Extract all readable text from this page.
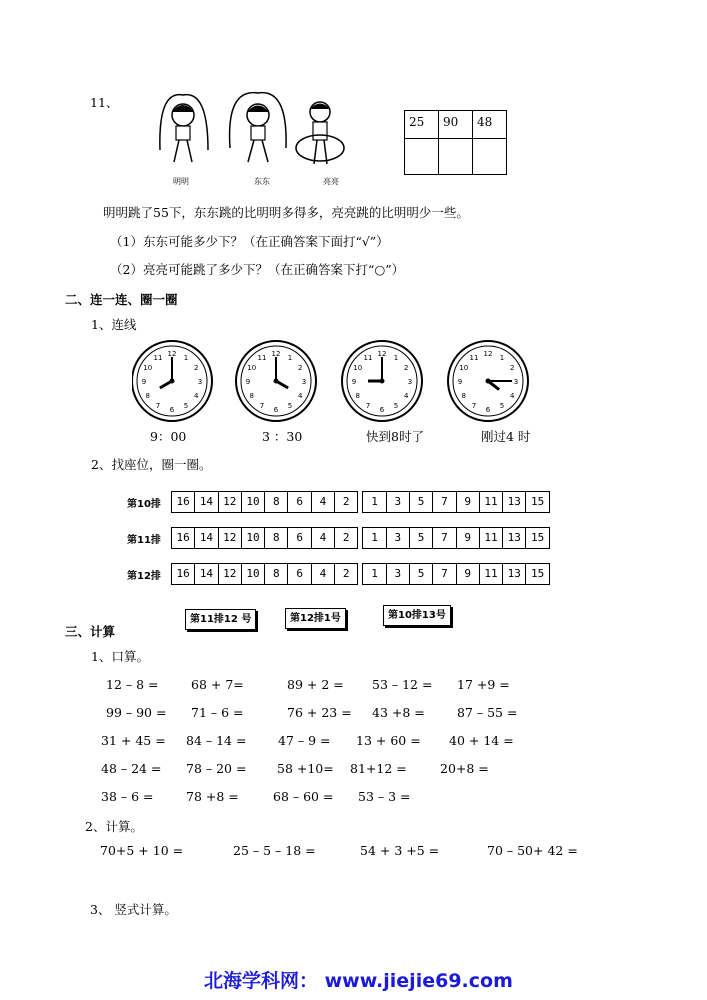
11、
明明	东东	亮亮
25	90	48

明明跳了55下，东东跳的比明明多得多，亮亮跳的比明明少一些。
（1）东东可能多少下？（在正确答案下面打“√”）
（2）亮亮可能跳了多少下？（在正确答案下打“○”）
二、连一连、圈一圈
1、连线
1
2
3
4
5
6
7
8
9
10
11 12	1
2
3
4
5
6
7
8
9
10
11 12	1
2
3
4
5
6
7
8
9
10
11 12	1
2
3
4
5
6
7
8
9
10
11 12
9：00	3 ：30	快到8时了	刚过4 时
2、找座位，圈一圈。
第10排	16 14 12 10	8	6	4	2	1	3	5	7	9	11 13 15
第11排	16 14 12 10	8	6	4	2	1	3	5	7	9	11 13 15
第12排	16 14 12 10	8	6	4	2	1	3	5	7	9	11 13 15
第11排12 号	第12排1号	第10排13号
三、计算
1、口算。
12 – 8 =	68 + 7=	89 + 2 = 53 – 12 = 17 +9 =
99 – 90 = 71 – 6 =	76 + 23 = 43 +8 =	87 – 55 =
31 + 45 = 84 – 14 =	47 – 9 = 13 + 60 = 40 + 14 =
48 – 24 = 78 – 20 = 58 +10= 81+12 =	20+8 =
38 – 6 =	78 +8 =	68 – 60 = 53 – 3 =
2、计算。
70+5 + 10 =	25 – 5 – 18 =	54 + 3 +5 =	70 – 50+ 42 =
3、 竖式计算。
北海学科网： www.jiejie69.com
